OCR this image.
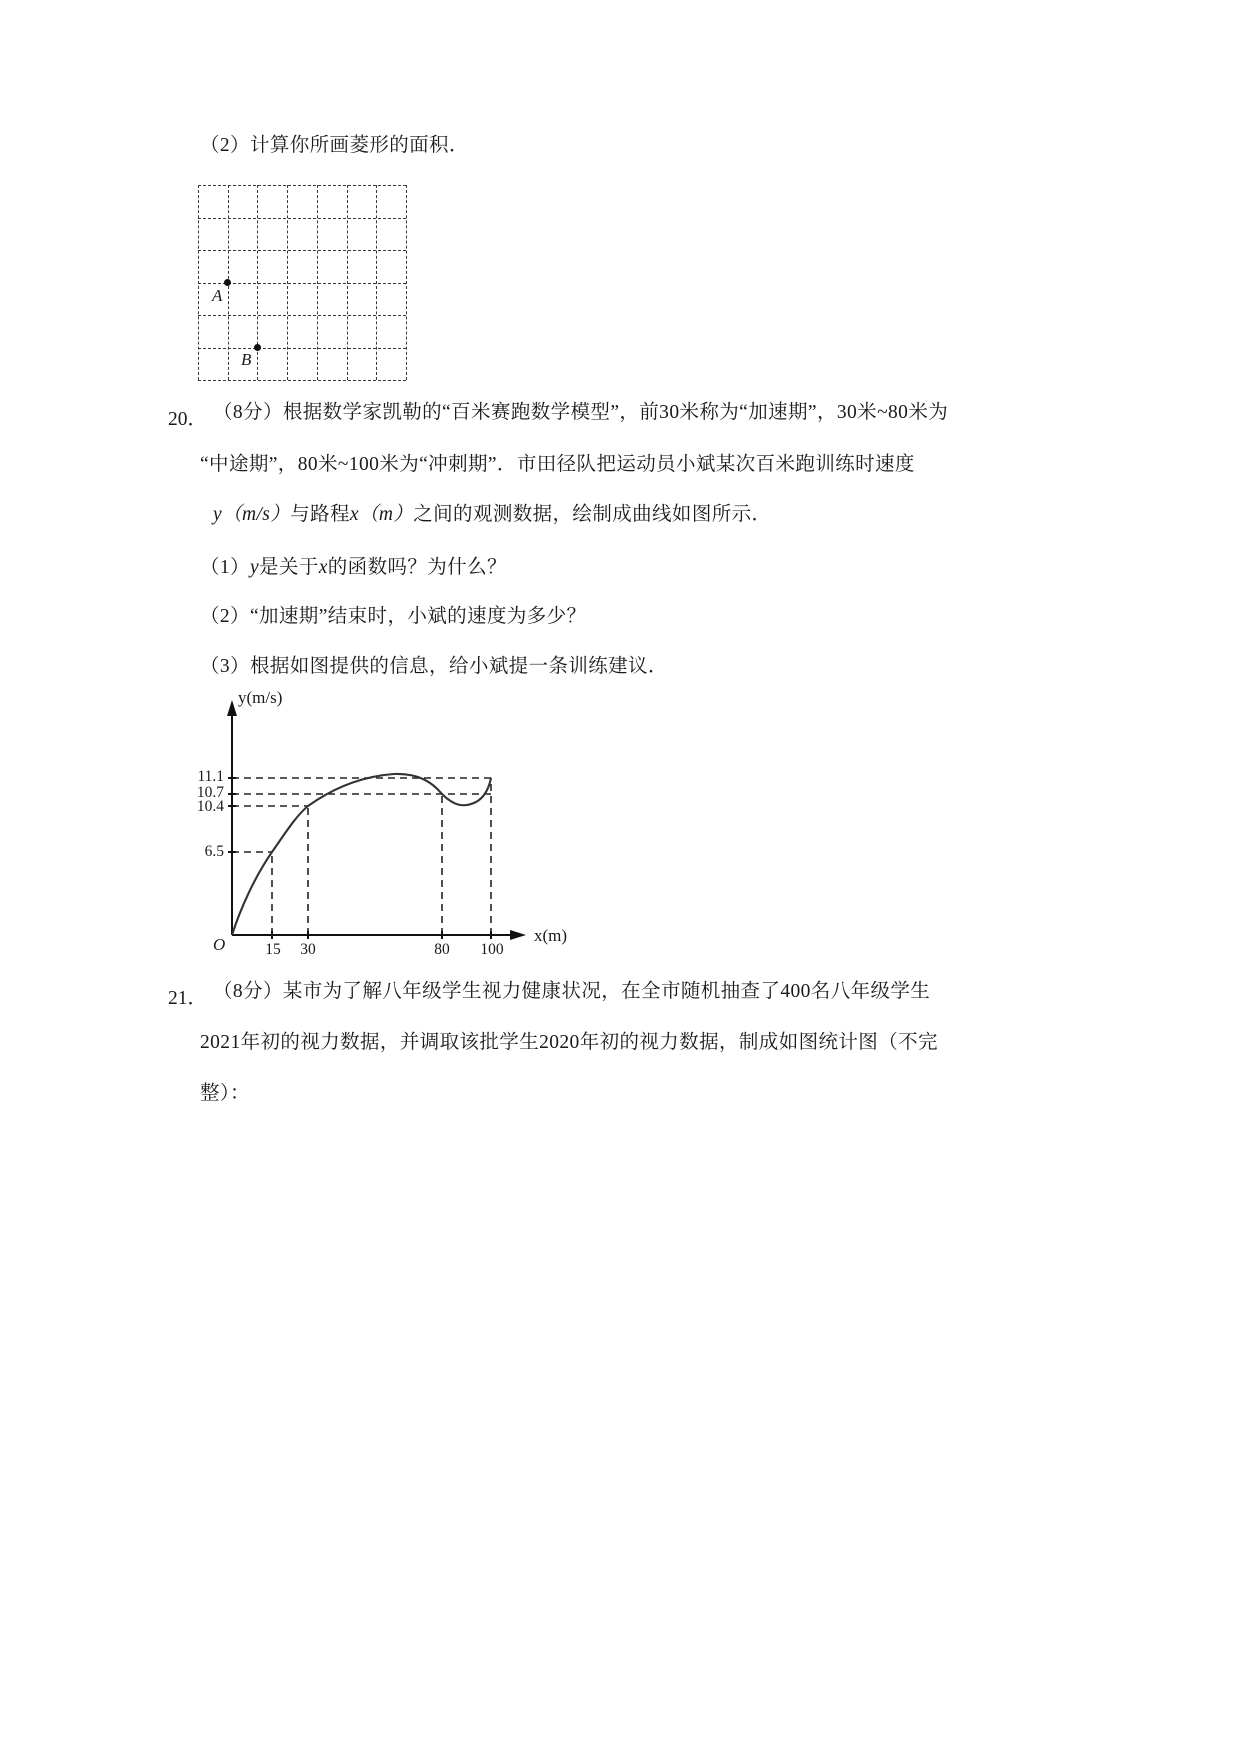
（2）计算你所画菱形的面积．
A
B
20． （8分）根据数学家凯勒的“百米赛跑数学模型”，前30米称为“加速期”，30米~80米为
“中途期”，80米~100米为“冲刺期”．市田径队把运动员小斌某次百米跑训练时速度
y（m/s）与路程x（m）之间的观测数据，绘制成曲线如图所示．
（1）y是关于x的函数吗？为什么？
（2）“加速期”结束时，小斌的速度为多少？
（3）根据如图提供的信息，给小斌提一条训练建议．
y(m/s)
x(m)
O
11.1
10.7
10.4
6.5
15	30	80	100
21． （8分）某市为了解八年级学生视力健康状况，在全市随机抽查了400名八年级学生
2021年初的视力数据，并调取该批学生2020年初的视力数据，制成如图统计图（不完
整）：
